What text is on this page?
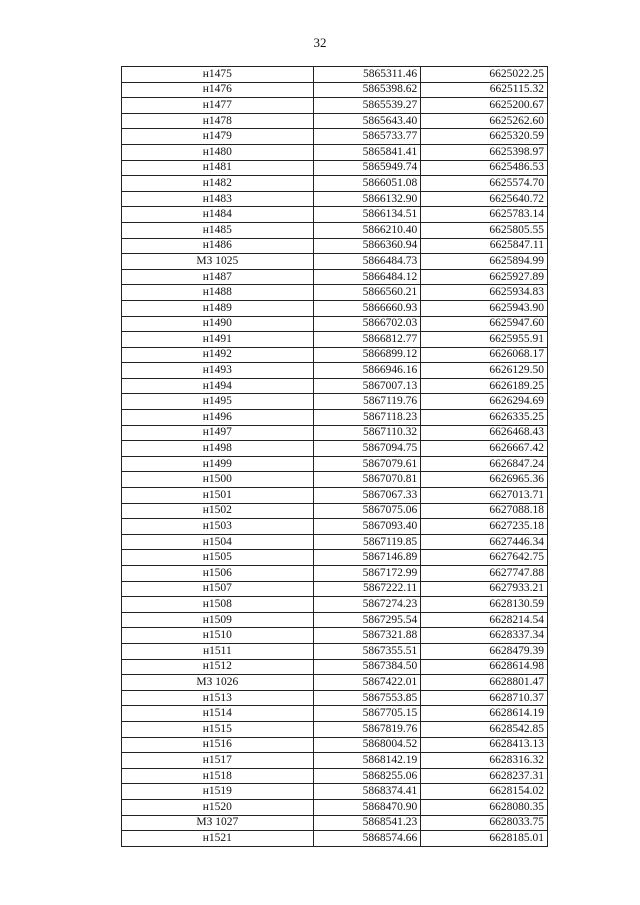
32
н1475	5865311.46	6625022.25
н1476	5865398.62	6625115.32
н1477	5865539.27	6625200.67
н1478	5865643.40	6625262.60
н1479	5865733.77	6625320.59
н1480	5865841.41	6625398.97
н1481	5865949.74	6625486.53
н1482	5866051.08	6625574.70
н1483	5866132.90	6625640.72
н1484	5866134.51	6625783.14
н1485	5866210.40	6625805.55
н1486	5866360.94	6625847.11
МЗ 1025	5866484.73	6625894.99
н1487	5866484.12	6625927.89
н1488	5866560.21	6625934.83
н1489	5866660.93	6625943.90
н1490	5866702.03	6625947.60
н1491	5866812.77	6625955.91
н1492	5866899.12	6626068.17
н1493	5866946.16	6626129.50
н1494	5867007.13	6626189.25
н1495	5867119.76	6626294.69
н1496	5867118.23	6626335.25
н1497	5867110.32	6626468.43
н1498	5867094.75	6626667.42
н1499	5867079.61	6626847.24
н1500	5867070.81	6626965.36
н1501	5867067.33	6627013.71
н1502	5867075.06	6627088.18
н1503	5867093.40	6627235.18
н1504	5867119.85	6627446.34
н1505	5867146.89	6627642.75
н1506	5867172.99	6627747.88
н1507	5867222.11	6627933.21
н1508	5867274.23	6628130.59
н1509	5867295.54	6628214.54
н1510	5867321.88	6628337.34
н1511	5867355.51	6628479.39
н1512	5867384.50	6628614.98
МЗ 1026	5867422.01	6628801.47
н1513	5867553.85	6628710.37
н1514	5867705.15	6628614.19
н1515	5867819.76	6628542.85
н1516	5868004.52	6628413.13
н1517	5868142.19	6628316.32
н1518	5868255.06	6628237.31
н1519	5868374.41	6628154.02
н1520	5868470.90	6628080.35
МЗ 1027	5868541.23	6628033.75
н1521	5868574.66	6628185.01
